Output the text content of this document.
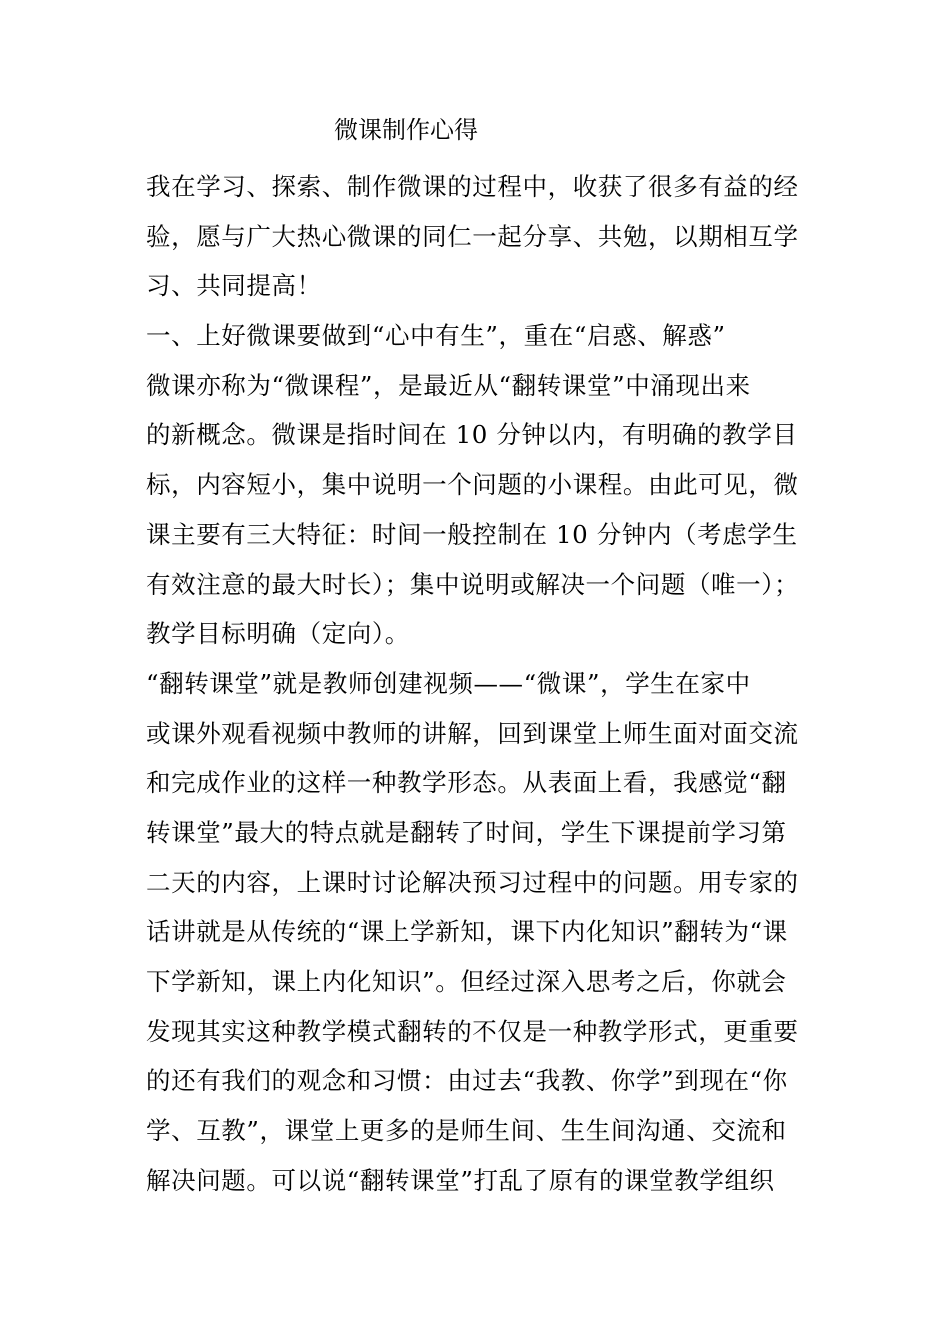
微课制作心得
我在学习、探索、制作微课的过程中，收获了很多有益的经
验，愿与广大热心微课的同仁一起分享、共勉，以期相互学
习、共同提高！
一、上好微课要做到“心中有生”，重在“启惑、解惑”
微课亦称为“微课程”，是最近从“翻转课堂”中涌现出来
的新概念。微课是指时间在 10 分钟以内，有明确的教学目
标，内容短小，集中说明一个问题的小课程。由此可见，微
课主要有三大特征：时间一般控制在 10 分钟内（考虑学生
有效注意的最大时长）；集中说明或解决一个问题（唯一）；
教学目标明确（定向）。
“翻转课堂”就是教师创建视频——“微课”，学生在家中
或课外观看视频中教师的讲解，回到课堂上师生面对面交流
和完成作业的这样一种教学形态。从表面上看，我感觉“翻
转课堂”最大的特点就是翻转了时间，学生下课提前学习第
二天的内容，上课时讨论解决预习过程中的问题。用专家的
话讲就是从传统的“课上学新知，课下内化知识”翻转为“课
下学新知，课上内化知识”。但经过深入思考之后，你就会
发现其实这种教学模式翻转的不仅是一种教学形式，更重要
的还有我们的观念和习惯：由过去“我教、你学”到现在“你
学、互教”，课堂上更多的是师生间、生生间沟通、交流和
解决问题。可以说“翻转课堂”打乱了原有的课堂教学组织
